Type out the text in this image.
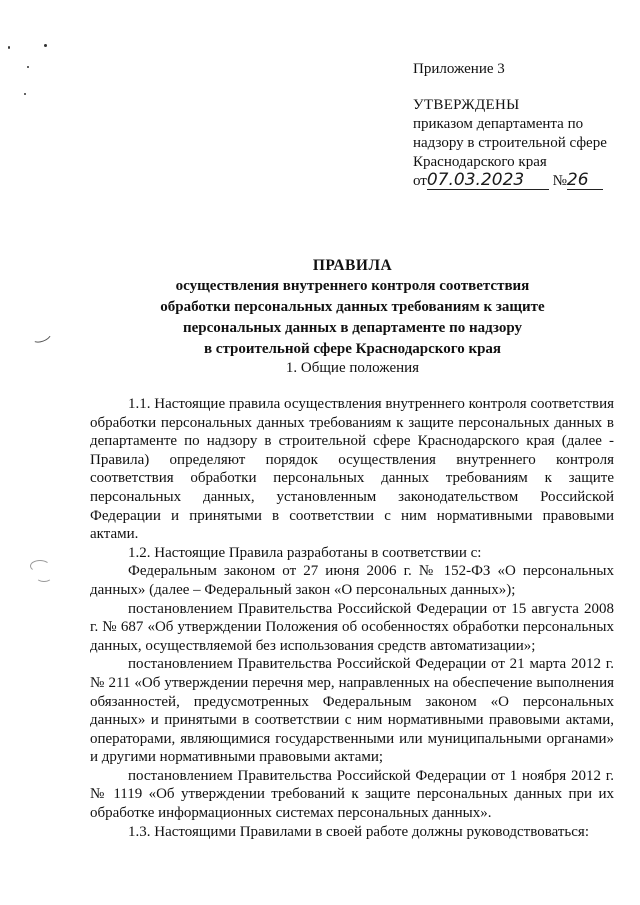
Приложение 3
УТВЕРЖДЕНЫ
приказом департамента по
надзору в строительной сфере
Краснодарского края
от07.03.2023 №26
ПРАВИЛА
осуществления внутреннего контроля соответствия
обработки персональных данных требованиям к защите
персональных данных в департаменте по надзору
в строительной сфере Краснодарского края
1. Общие положения

1.1. Настоящие правила осуществления внутреннего контроля соответствия обработки персональных данных требованиям к защите персональных данных в департаменте по надзору в строительной сфере Краснодарского края (далее - Правила) определяют порядок осуществления внутреннего контроля соответствия обработки персональных данных требованиям к защите персональных данных, установленным законодательством Российской Федерации и принятыми в соответствии с ним нормативными правовыми актами.

1.2. Настоящие Правила разработаны в соответствии с:

Федеральным законом от 27 июня 2006 г. № 152-ФЗ «О персональных данных» (далее – Федеральный закон «О персональных данных»);

постановлением Правительства Российской Федерации от 15 августа 2008 г. № 687 «Об утверждении Положения об особенностях обработки персональных данных, осуществляемой без использования средств автоматизации»;

постановлением Правительства Российской Федерации от 21 марта 2012 г. № 211 «Об утверждении перечня мер, направленных на обеспечение выполнения обязанностей, предусмотренных Федеральным законом «О персональных данных» и принятыми в соответствии с ним нормативными правовыми актами, операторами, являющимися государственными или муниципальными органами» и другими нормативными правовыми актами;

постановлением Правительства Российской Федерации от 1 ноября 2012 г. № 1119 «Об утверждении требований к защите персональных данных при их обработке информационных системах персональных данных».

1.3. Настоящими Правилами в своей работе должны руководствоваться:
